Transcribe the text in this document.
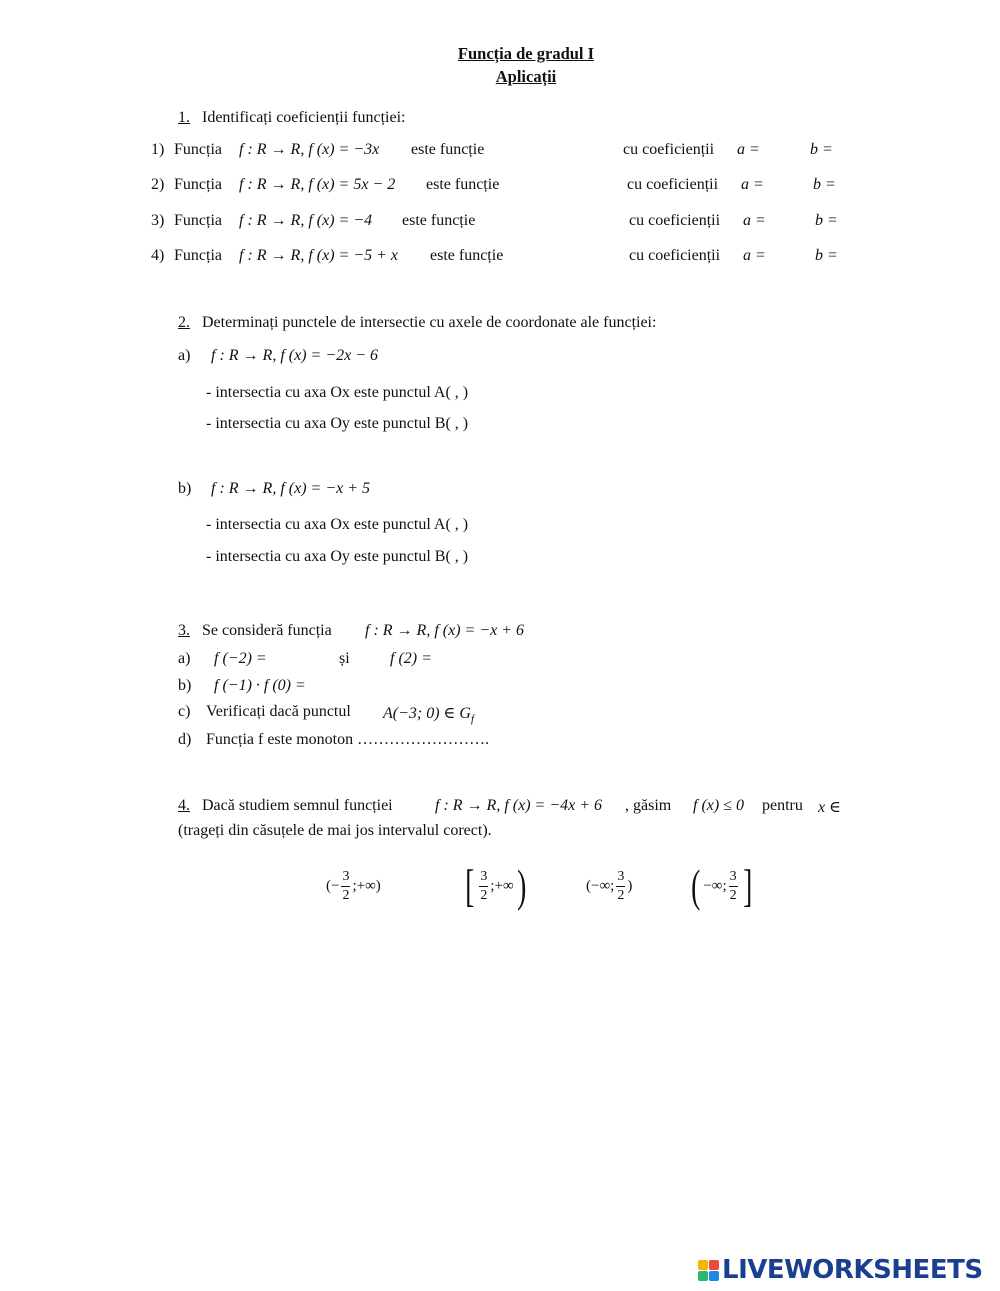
Funcția de gradul I
Aplicații
1. Identificați coeficienții funcției:
1) Funcția f : R → R, f (x) = −3x este funcție	cu coeficienții a =	b =
2) Funcția f : R → R, f (x) = 5x − 2 este funcție	cu coeficienții a =	b =
3) Funcția f : R → R, f (x) = −4 este funcție	cu coeficienții a =	b =
4) Funcția f : R → R, f (x) = −5 + x este funcție	cu coeficienții a =	b =
2. Determinați punctele de intersectie cu axele de coordonate ale funcției:
a) f : R → R, f (x) = −2x − 6
- intersectia cu axa Ox este punctul A( , )
- intersectia cu axa Oy este punctul B( , )
b) f : R → R, f (x) = −x + 5
- intersectia cu axa Ox este punctul A( , )
- intersectia cu axa Oy este punctul B( , )
3. Se consideră funcția f : R → R, f (x) = −x + 6
a) f (−2) =	și	f (2) =
b) f (−1) · f (0) =
c) Verificați dacă punctul A(−3; 0) ∈ $G_f$
d) Funcția f este monoton …………………….
4. Dacă studiem semnul funcției	f : R → R, f (x) = −4x + 6 , găsim f (x) ≤ 0 pentru x ∈
(trageți din căsuțele de mai jos intervalul corect).
(− $\frac{3}{2}$ ;+∞) [ $\frac{3}{2}$ ;+∞ )	(−∞; $\frac{3}{2}$ ) ( −∞; $\frac{3}{2}$ ]
LIVEWORKSHEETS
